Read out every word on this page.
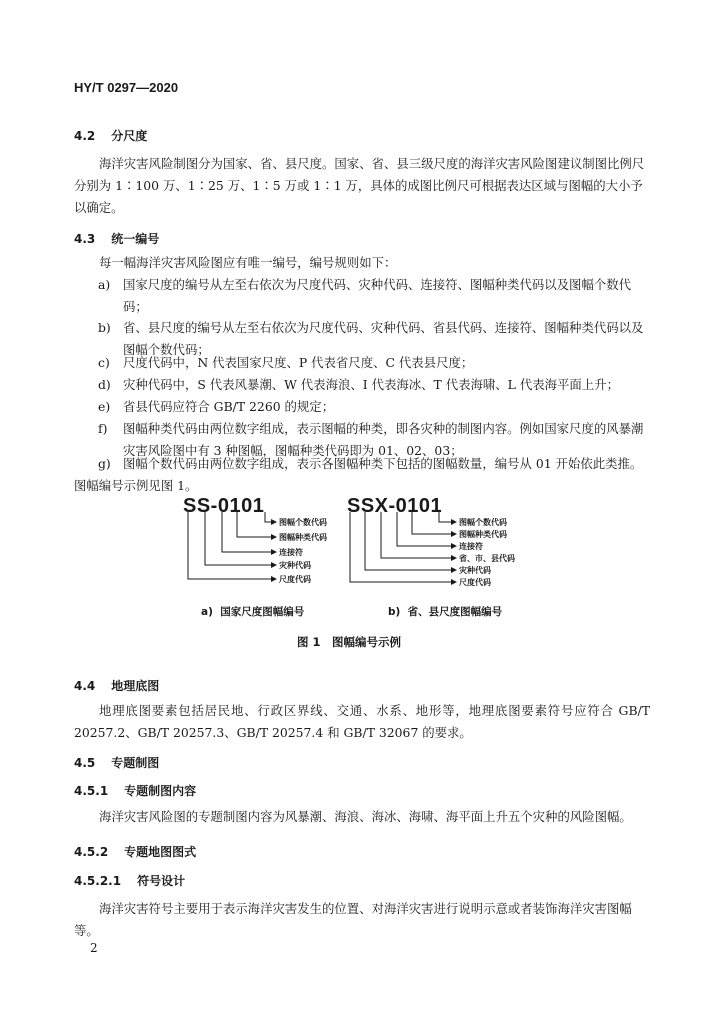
HY/T 0297—2020
4.2 分尺度
海洋灾害风险制图分为国家、省、县尺度。国家、省、县三级尺度的海洋灾害风险图建议制图比例尺分别为 1∶100 万、1∶25 万、1∶5 万或 1∶1 万，具体的成图比例尺可根据表达区域与图幅的大小予以确定。
4.3 统一编号
每一幅海洋灾害风险图应有唯一编号，编号规则如下：
a) 国家尺度的编号从左至右依次为尺度代码、灾种代码、连接符、图幅种类代码以及图幅个数代码；
b) 省、县尺度的编号从左至右依次为尺度代码、灾种代码、省县代码、连接符、图幅种类代码以及图幅个数代码；
c) 尺度代码中，N 代表国家尺度、P 代表省尺度、C 代表县尺度；
d) 灾种代码中，S 代表风暴潮、W 代表海浪、I 代表海冰、T 代表海啸、L 代表海平面上升；
e) 省县代码应符合 GB/T 2260 的规定；
f) 图幅种类代码由两位数字组成，表示图幅的种类，即各灾种的制图内容。例如国家尺度的风暴潮灾害风险图中有 3 种图幅，图幅种类代码即为 01、02、03；
g) 图幅个数代码由两位数字组成，表示各图幅种类下包括的图幅数量，编号从 01 开始依此类推。
图幅编号示例见图 1。
SS-0101	SSX-0101
图幅个数代码
图幅种类代码
连接符
灾种代码
尺度代码
图幅个数代码
图幅种类代码
连接符
省、市、县代码
灾种代码
尺度代码
a) 国家尺度图幅编号	b) 省、县尺度图幅编号
图 1　图幅编号示例
4.4 地理底图
地理底图要素包括居民地、行政区界线、交通、水系、地形等，地理底图要素符号应符合 GB/T 20257.2、GB/T 20257.3、GB/T 20257.4 和 GB/T 32067 的要求。
4.5 专题制图
4.5.1 专题制图内容
海洋灾害风险图的专题制图内容为风暴潮、海浪、海冰、海啸、海平面上升五个灾种的风险图幅。
4.5.2 专题地图图式
4.5.2.1 符号设计
海洋灾害符号主要用于表示海洋灾害发生的位置、对海洋灾害进行说明示意或者装饰海洋灾害图幅等。
2
